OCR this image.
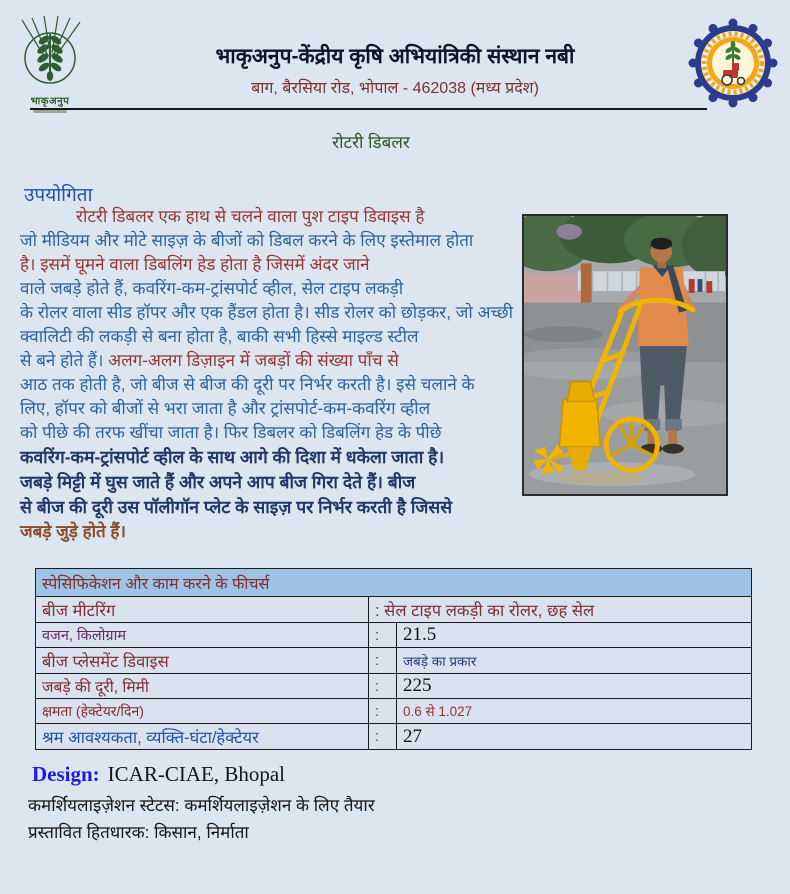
भाकृअनुप
भाकृअनुप-केंद्रीय कृषि अभियांत्रिकी संस्थान नबी
बाग, बैरसिया रोड, भोपाल - 462038 (मध्य प्रदेश)
रोटरी डिबलर
उपयोगिता
रोटरी डिबलर एक हाथ से चलने वाला पुश टाइप डिवाइस है
जो मीडियम और मोटे साइज़ के बीजों को डिबल करने के लिए इस्तेमाल होता
है। इसमें घूमने वाला डिबलिंग हेड होता है जिसमें अंदर जाने
वाले जबड़े होते हैं, कवरिंग-कम-ट्रांसपोर्ट व्हील, सेल टाइप लकड़ी
के रोलर वाला सीड हॉपर और एक हैंडल होता है। सीड रोलर को छोड़कर, जो अच्छी
क्वालिटी की लकड़ी से बना होता है, बाकी सभी हिस्से माइल्ड स्टील
से बने होते हैं। अलग-अलग डिज़ाइन में जबड़ों की संख्या पाँच से
आठ तक होती है, जो बीज से बीज की दूरी पर निर्भर करती है। इसे चलाने के
लिए, हॉपर को बीजों से भरा जाता है और ट्रांसपोर्ट-कम-कवरिंग व्हील
को पीछे की तरफ खींचा जाता है। फिर डिबलर को डिबलिंग हेड के पीछे
कवरिंग-कम-ट्रांसपोर्ट व्हील के साथ आगे की दिशा में धकेला जाता है।
जबड़े मिट्टी में घुस जाते हैं और अपने आप बीज गिरा देते हैं। बीज
से बीज की दूरी उस पॉलीगॉन प्लेट के साइज़ पर निर्भर करती है जिससे
जबड़े जुड़े होते हैं।
स्पेसिफिकेशन और काम करने के फीचर्स		
बीज मीटरिंग	: सेल टाइप लकड़ी का रोलर, छह सेल	
वजन, किलोग्राम	:	21.5
बीज प्लेसमेंट डिवाइस	:	जबड़े का प्रकार
जबड़े की दूरी, मिमी	:	225
क्षमता (हेक्टेयर/दिन)	:	0.6 से 1.027
श्रम आवश्यकता, व्यक्ति-घंटा/हेक्टेयर	:	27
Design: ICAR-CIAE, Bhopal
कमर्शियलाइज़ेशन स्टेटस: कमर्शियलाइज़ेशन के लिए तैयार
प्रस्तावित हितधारक: किसान, निर्माता
